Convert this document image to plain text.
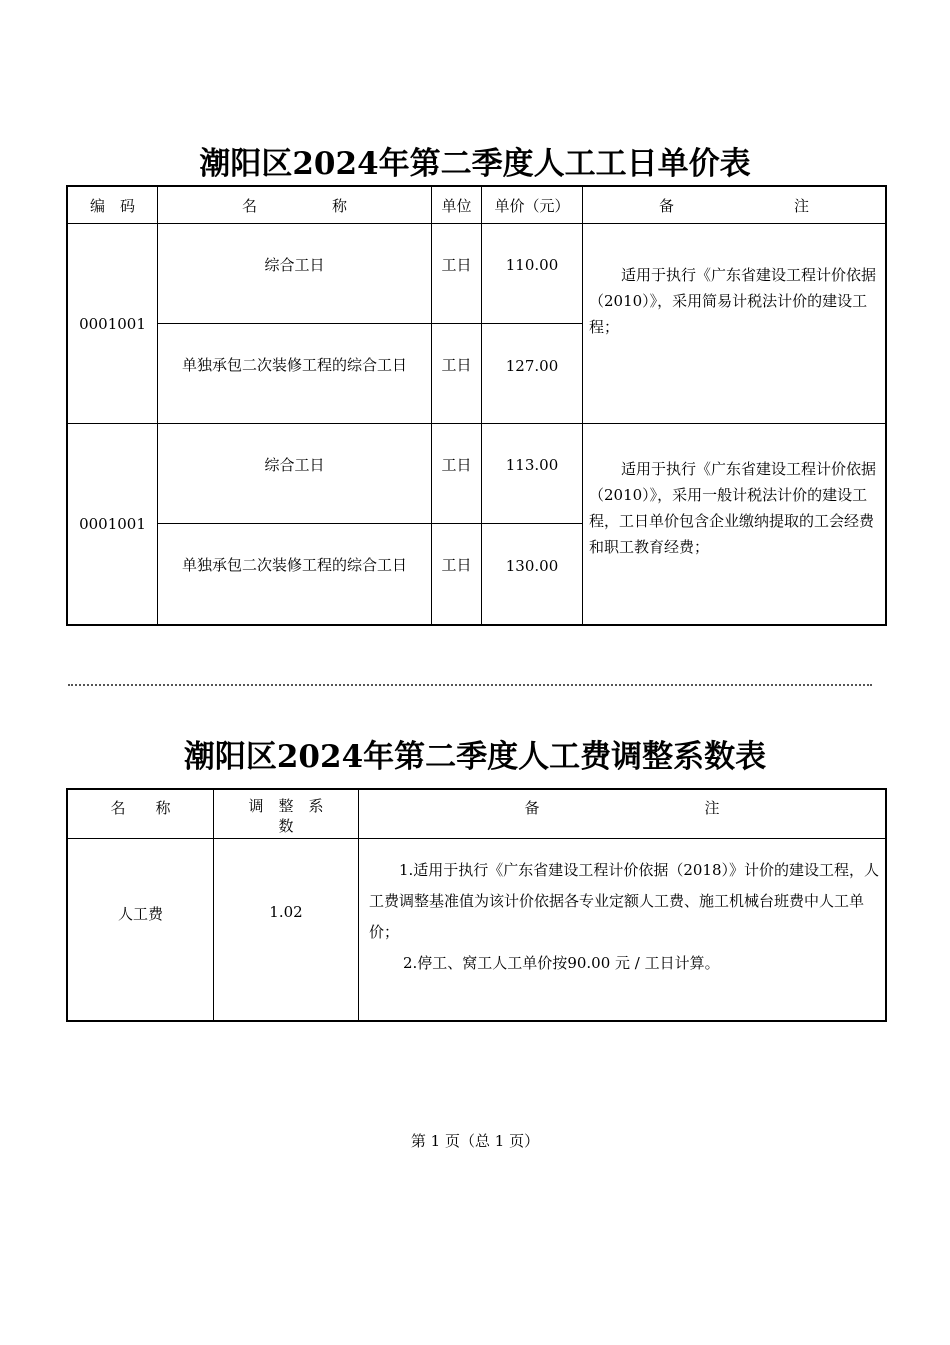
潮阳区2024年第二季度人工工日单价表
编　码	名　　　　　称	单位	单价（元）	备　　　　　　　　注
0001001	综合工日	工日	110.00	适用于执行《广东省建设工程计价依据（2010）》，采用简易计税法计价的建设工程；
	单独承包二次装修工程的综合工日	工日	127.00	
0001001	综合工日	工日	113.00	适用于执行《广东省建设工程计价依据（2010）》，采用一般计税法计价的建设工程，工日单价包含企业缴纳提取的工会经费和职工教育经费；
	单独承包二次装修工程的综合工日	工日	130.00	
潮阳区2024年第二季度人工费调整系数表
名　　称	调　整　系　数	备　　　　　　　　　　　注
人工费	1.02	1.适用于执行《广东省建设工程计价依据（2018）》计价的建设工程，人工费调整基准值为该计价依据各专业定额人工费、施工机械台班费中人工单价；
2.停工、窝工人工单价按90.00 元 / 工日计算。
第 1 页（总 1 页）
